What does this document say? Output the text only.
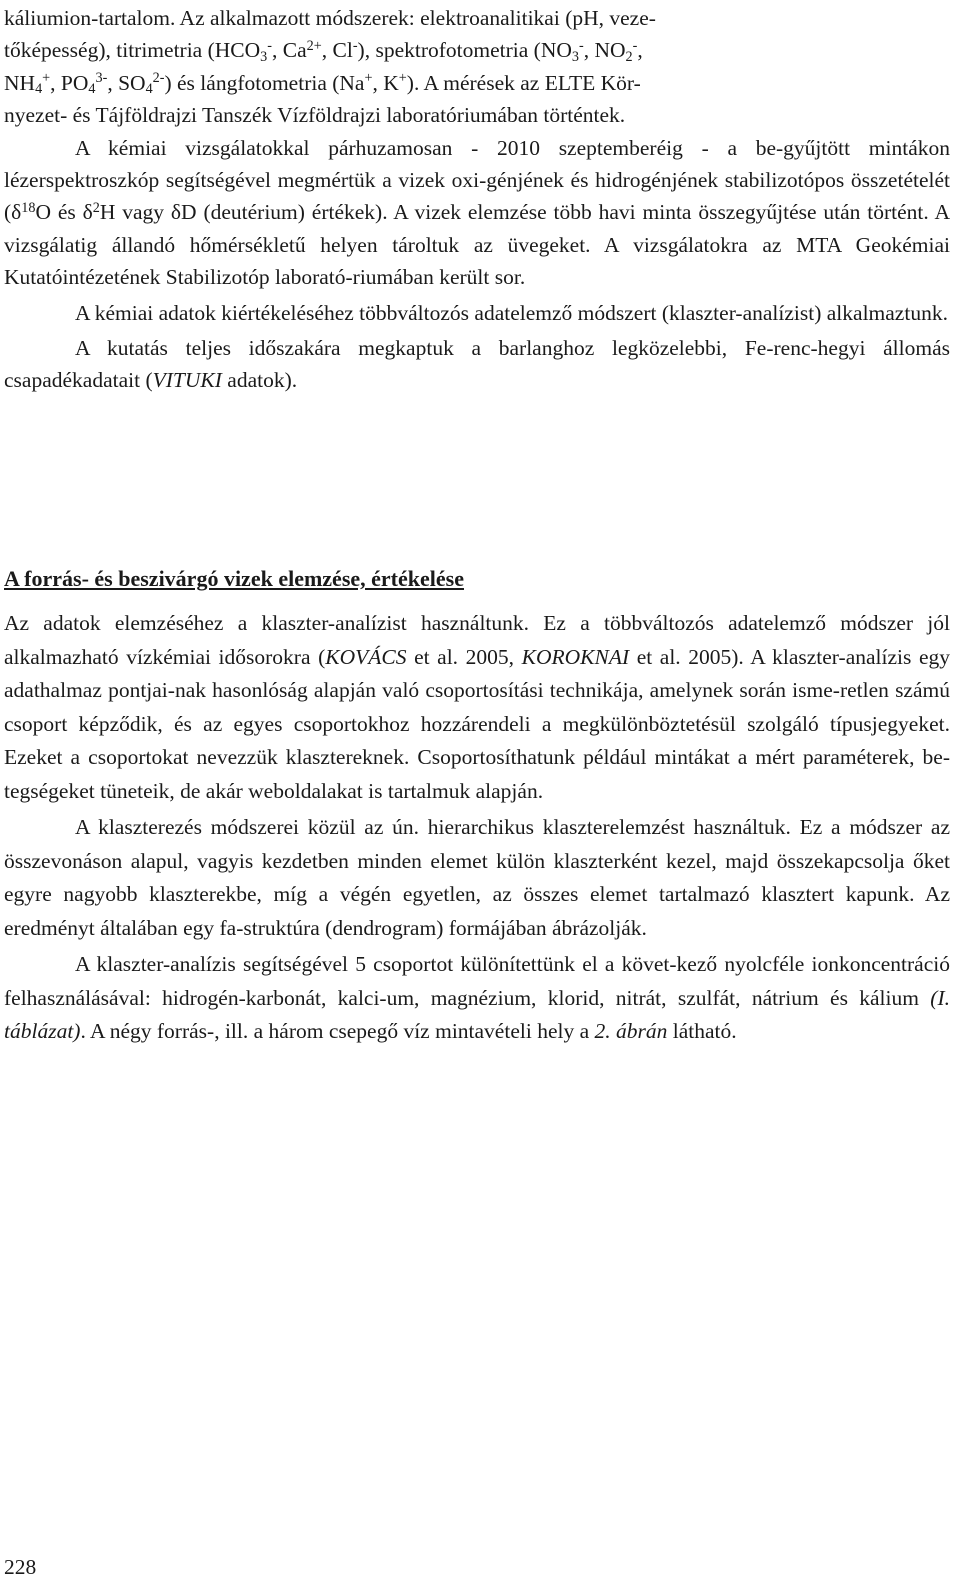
káliumion-tartalom. Az alkalmazott módszerek: elektroanalitikai (pH, veze-
tőképesség), titrimetria ($HCO_3^-$, $Ca^{2+}$, Cl-), spektrofotometria ($NO_3^-$, $NO_2^-$,
$NH_4^+$, $PO_4^{3-}$, $SO_4^{2-}$) és lángfotometria (Na+, K+). A mérések az ELTE Kör-
nyezet- és Tájföldrajzi Tanszék Vízföldrajzi laboratóriumában történtek.

A kémiai vizsgálatokkal párhuzamosan - 2010 szeptemberéig - a be-gyűjtött mintákon lézerspektroszkóp segítségével megmértük a vizek oxi-génjének és hidrogénjének stabilizotópos összetételét ($\delta^{18}O$ és $\delta^2H$ vagy δD (deutérium) értékek). A vizek elemzése több havi minta összegyűjtése után történt. A vizsgálatig állandó hőmérsékletű helyen tároltuk az üvegeket. A vizsgálatokra az MTA Geokémiai Kutatóintézetének Stabilizotóp laborató-riumában került sor.

A kémiai adatok kiértékeléséhez többváltozós adatelemző módszert (klaszter-analízist) alkalmaztunk.

A kutatás teljes időszakára megkaptuk a barlanghoz legközelebbi, Fe-renc-hegyi állomás csapadékadatait (VITUKI adatok).

A forrás- és beszivárgó vizek elemzése, értékelése

Az adatok elemzéséhez a klaszter-analízist használtunk. Ez a többváltozós adatelemző módszer jól alkalmazható vízkémiai idősorokra (KOVÁCS et al. 2005, KOROKNAI et al. 2005). A klaszter-analízis egy adathalmaz pontjai-nak hasonlóság alapján való csoportosítási technikája, amelynek során isme-retlen számú csoport képződik, és az egyes csoportokhoz hozzárendeli a megkülönböztetésül szolgáló típusjegyeket. Ezeket a csoportokat nevezzük klasztereknek. Csoportosíthatunk például mintákat a mért paraméterek, be-tegségeket tüneteik, de akár weboldalakat is tartalmuk alapján.

A klaszterezés módszerei közül az ún. hierarchikus klaszterelemzést használtuk. Ez a módszer az összevonáson alapul, vagyis kezdetben minden elemet külön klaszterként kezel, majd összekapcsolja őket egyre nagyobb klaszterekbe, míg a végén egyetlen, az összes elemet tartalmazó klasztert kapunk. Az eredményt általában egy fa-struktúra (dendrogram) formájában ábrázolják.

A klaszter-analízis segítségével 5 csoportot különítettünk el a követ-kező nyolcféle ionkoncentráció felhasználásával: hidrogén-karbonát, kalci-um, magnézium, klorid, nitrát, szulfát, nátrium és kálium (I. táblázat). A négy forrás-, ill. a három csepegő víz mintavételi hely a 2. ábrán látható.

228
